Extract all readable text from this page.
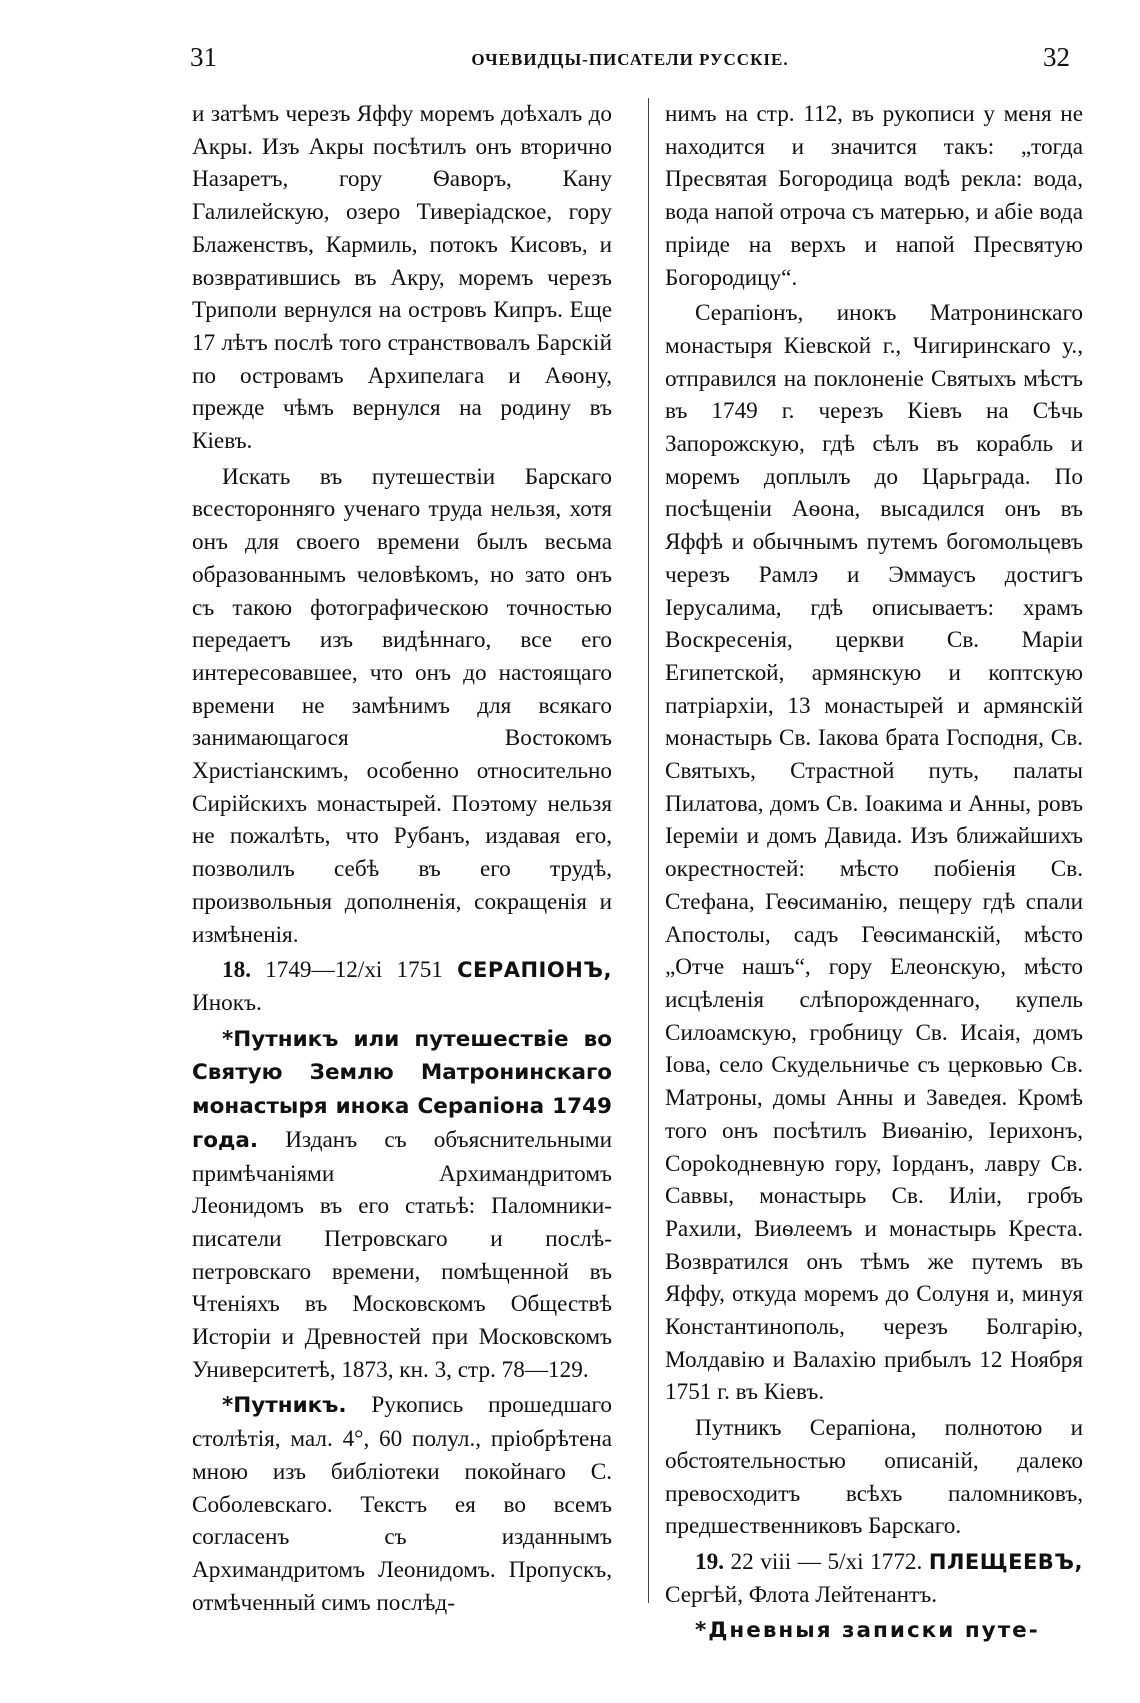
31	ОЧЕВИДЦЫ-ПИСАТЕЛИ РУССКІЕ.	32

и затѣмъ черезъ Яффу моремъ доѣхалъ до Акры. Изъ Акры посѣтилъ онъ вторично Назаретъ, гору Ѳаворъ, Кану Галилейскую, озеро Тиверіадское, гору Блаженствъ, Кармиль, потокъ Кисовъ, и возвратившись въ Акру, моремъ черезъ Триполи вернулся на островъ Кипръ. Еще 17 лѣтъ послѣ того странствовалъ Барскій по островамъ Архипелага и Аѳону, прежде чѣмъ вернулся на родину въ Кіевъ.

Искать въ путешествіи Барскаго всесторонняго ученаго труда нельзя, хотя онъ для своего времени былъ весьма образованнымъ человѣкомъ, но зато онъ съ такою фотографическою точностью передаетъ изъ видѣннаго, все его интересовавшее, что онъ до настоящаго времени не замѣнимъ для всякаго занимающагося Востокомъ Христіанскимъ, особенно относительно Сирійскихъ монастырей. Поэтому нельзя не пожалѣть, что Рубанъ, издавая его, позволилъ себѣ въ его трудѣ, произвольныя дополненія, сокращенія и измѣненія.

18. 1749—12/xi 1751 СЕРАПІОНЪ, Инокъ.

*Путникъ или путешествіе во Святую Землю Матронинскаго монастыря инока Серапіона 1749 года. Изданъ съ объяснительными примѣчаніями Архимандритомъ Леонидомъ въ его статьѣ: Паломники-писатели Петровскаго и послѣ-петровскаго времени, помѣщенной въ Чтеніяхъ въ Московскомъ Обществѣ Исторіи и Древностей при Московскомъ Университетѣ, 1873, кн. 3, стр. 78—129.

*Путникъ. Рукопись прошедшаго столѣтія, мал. 4°, 60 полул., пріобрѣтена мною изъ библіотеки покойнаго С. Соболевскаго. Текстъ ея во всемъ согласенъ съ изданнымъ Архимандритомъ Леонидомъ. Пропускъ, отмѣченный симъ послѣд-

нимъ на стр. 112, въ рукописи у меня не находится и значится такъ: „тогда Пресвятая Богородица водѣ рекла: вода, вода напой отроча съ матерью, и абіе вода пріиде на верхъ и напой Пресвятую Богородицу“.

Серапіонъ, инокъ Матронинскаго монастыря Кіевской г., Чигиринскаго у., отправился на поклоненіе Святыхъ мѣстъ въ 1749 г. черезъ Кіевъ на Сѣчь Запорожскую, гдѣ сѣлъ въ корабль и моремъ доплылъ до Царьграда. По посѣщеніи Аѳона, высадился онъ въ Яффѣ и обычнымъ путемъ богомольцевъ черезъ Рамлэ и Эммаусъ достигъ Іерусалима, гдѣ описываетъ: храмъ Воскресенія, церкви Св. Маріи Египетской, армянскую и коптскую патріархіи, 13 монастырей и армянскій монастырь Св. Іакова брата Господня, Св. Святыхъ, Страстной путь, палаты Пилатова, домъ Св. Іоакима и Анны, ровъ Іереміи и домъ Давида. Изъ ближайшихъ окрестностей: мѣсто побіенія Св. Стефана, Геѳсиманію, пещеру гдѣ спали Апостолы, садъ Геѳсиманскій, мѣсто „Отче нашъ“, гору Елеонскую, мѣсто исцѣленія слѣпорожденнаго, купель Силоамскую, гробницу Св. Исаія, домъ Іова, село Скудельничье съ церковью Св. Матроны, домы Анны и Заведея. Кромѣ того онъ посѣтилъ Виѳанію, Іерихонъ, Сороkодневную гору, Іорданъ, лавру Св. Саввы, монастырь Св. Иліи, гробъ Рахили, Виѳлеемъ и монастырь Креста. Возвратился онъ тѣмъ же путемъ въ Яффу, откуда моремъ до Солуня и, минуя Константинополь, черезъ Болгарію, Молдавію и Валахію прибылъ 12 Ноября 1751 г. въ Кіевъ.

Путникъ Серапіона, полнотою и обстоятельностью описаній, далеко превосходитъ всѣхъ паломниковъ, предшественниковъ Барскаго.

19. 22 viii — 5/xi 1772. ПЛЕЩЕЕВЪ, Сергѣй, Флота Лейтенантъ.

*Дневныя записки путе-
